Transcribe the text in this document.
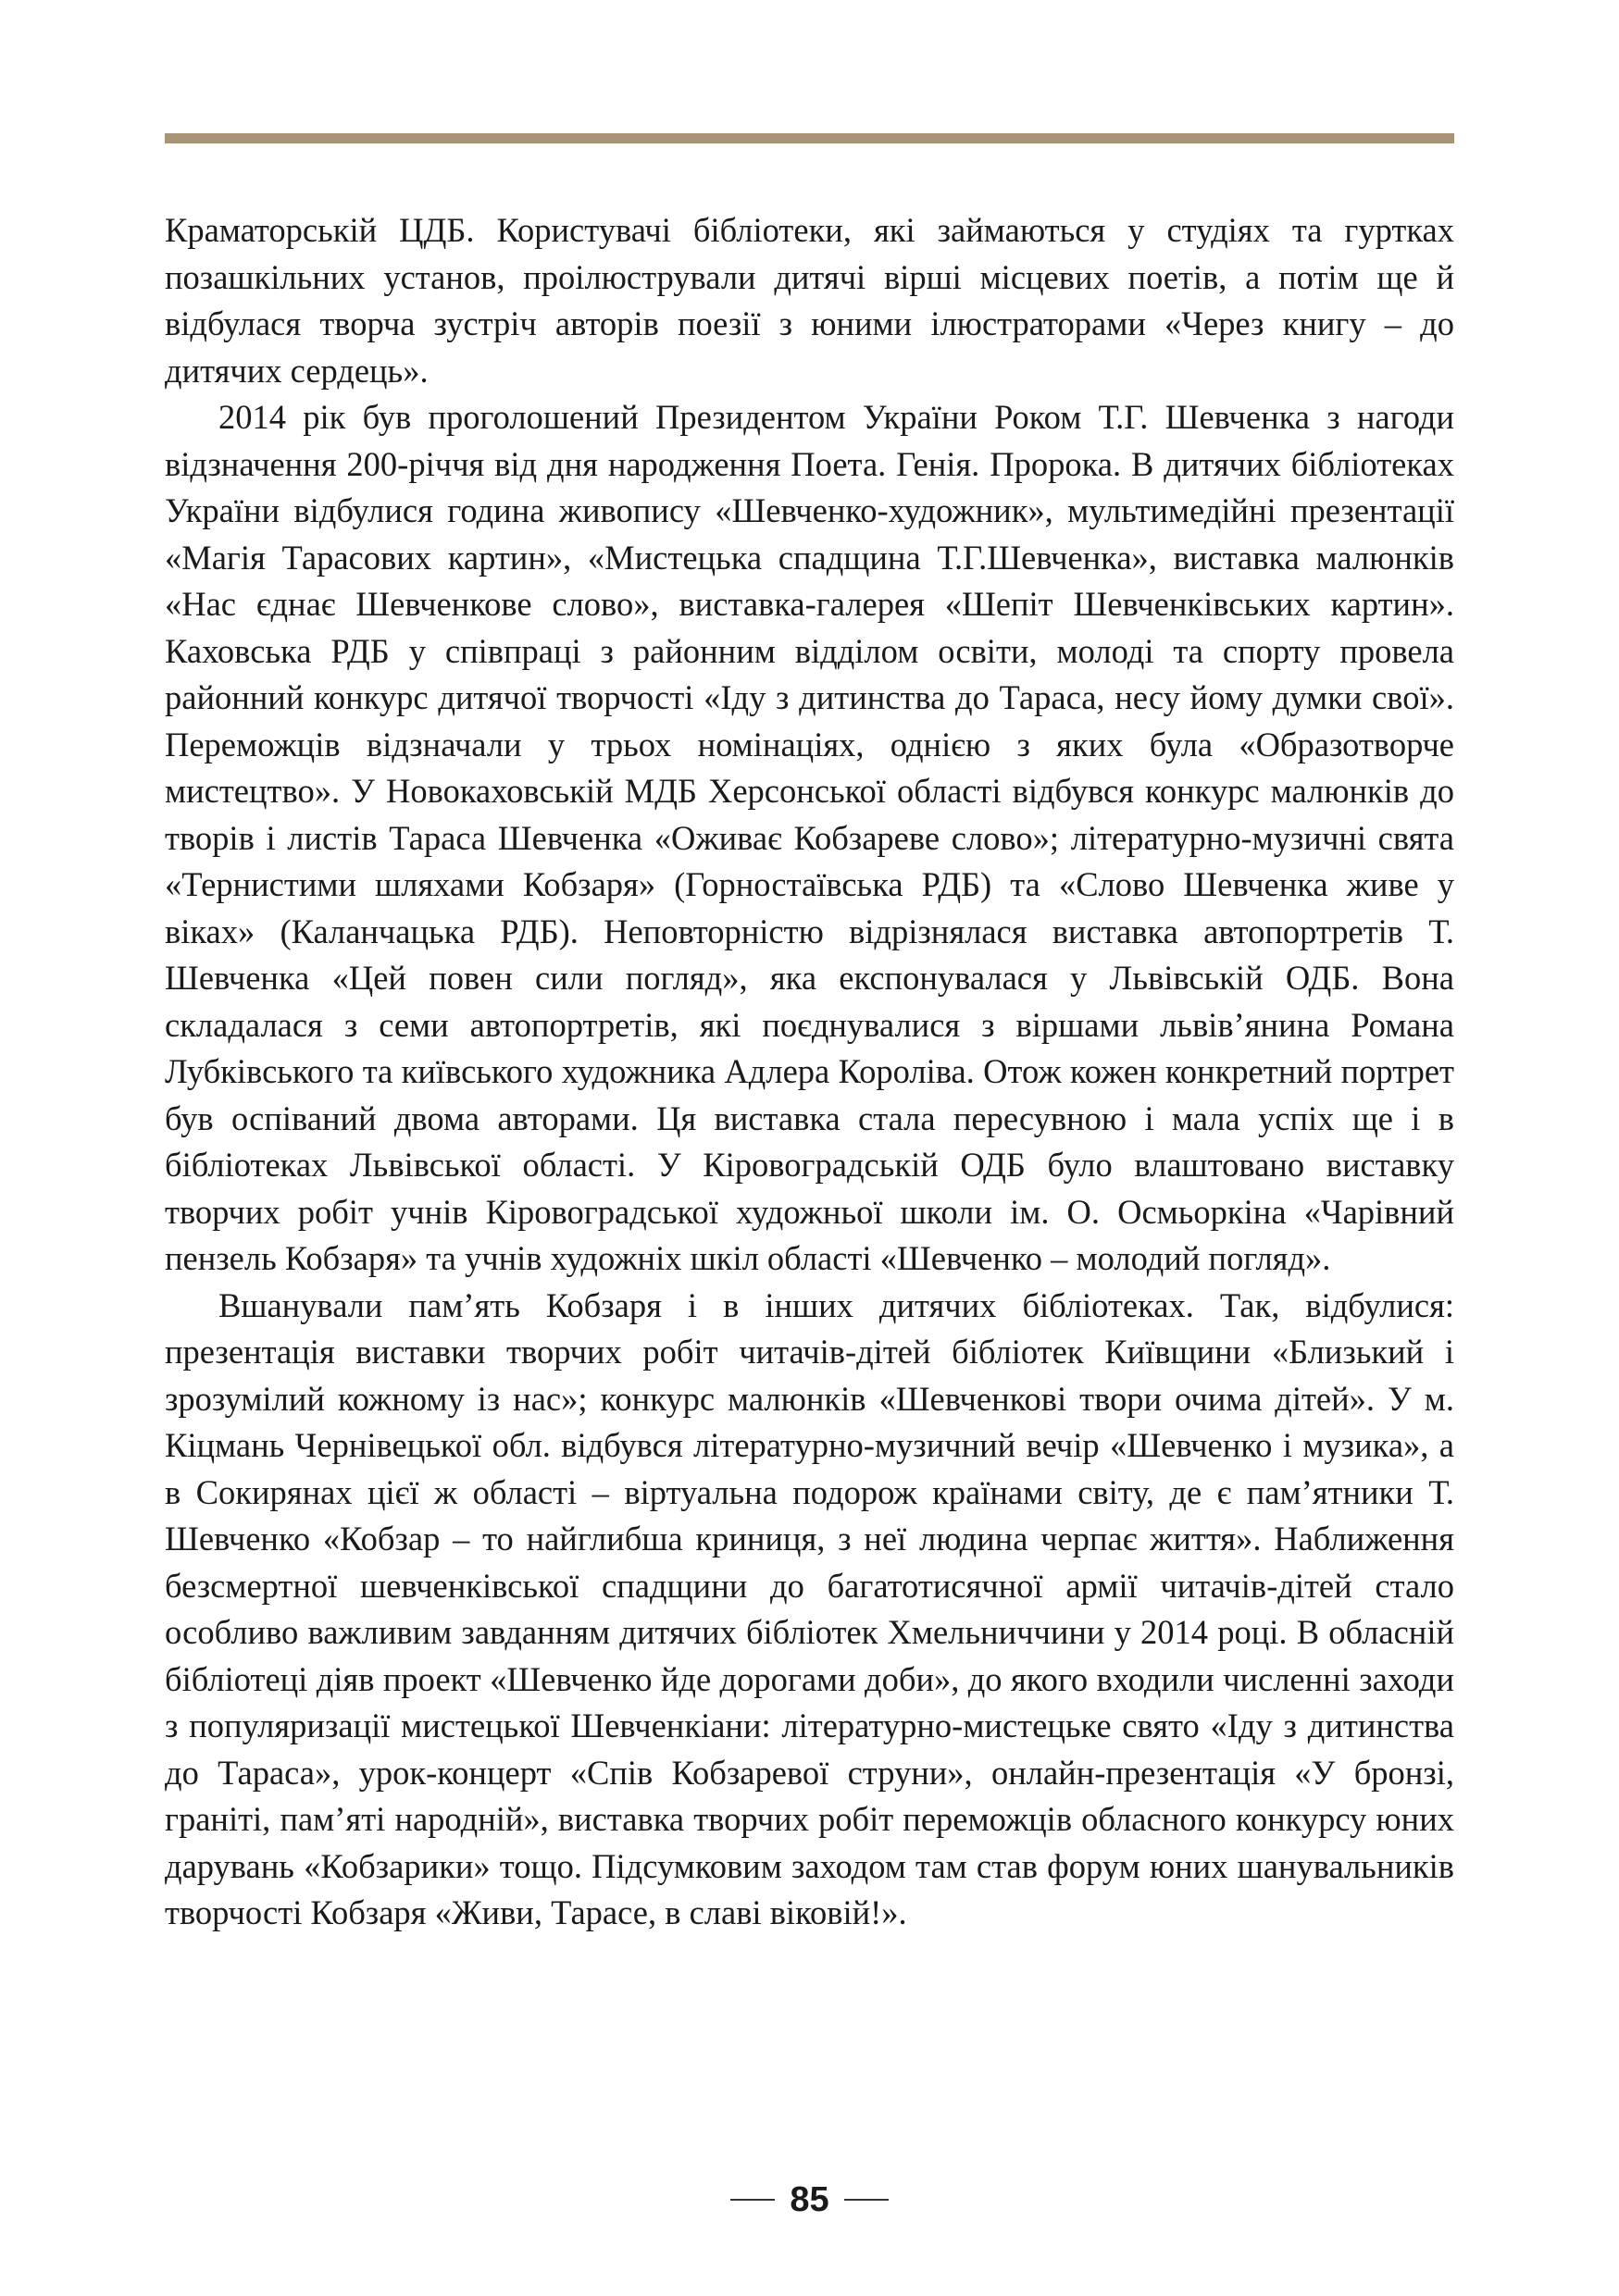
Краматорській ЦДБ. Користувачі бібліотеки, які займаються у студіях та гуртках позашкільних установ, проілюстрували дитячі вірші місцевих поетів, а потім ще й відбулася творча зустріч авторів поезії з юними ілюстраторами «Через книгу – до дитячих сердець».

2014 рік був проголошений Президентом України Роком Т.Г. Шевченка з нагоди відзначення 200-річчя від дня народження Поета. Генія. Пророка. В дитячих бібліотеках України відбулися година живопису «Шевченко-художник», мультимедійні презентації «Магія Тарасових картин», «Мистецька спадщина Т.Г.Шевченка», виставка малюнків «Нас єднає Шевченкове слово», виставка-галерея «Шепіт Шевченківських картин». Каховська РДБ у співпраці з районним відділом освіти, молоді та спорту провела районний конкурс дитячої творчості «Іду з дитинства до Тараса, несу йому думки свої». Переможців відзначали у трьох номінаціях, однією з яких була «Образотворче мистецтво». У Новокаховській МДБ Херсонської області відбувся конкурс малюнків до творів і листів Тараса Шевченка «Оживає Кобзареве слово»; літературно-музичні свята «Тернистими шляхами Кобзаря» (Горностаївська РДБ) та «Слово Шевченка живе у віках» (Каланчацька РДБ). Неповторністю відрізнялася виставка автопортретів Т. Шевченка «Цей повен сили погляд», яка експонувалася у Львівській ОДБ. Вона складалася з семи автопортретів, які поєднувалися з віршами львів’янина Романа Лубківського та київського художника Адлера Короліва. Отож кожен конкретний портрет був оспіваний двома авторами. Ця виставка стала пересувною і мала успіх ще і в бібліотеках Львівської області. У Кіровоградській ОДБ було влаштовано виставку творчих робіт учнів Кіровоградської художньої школи ім. О. Осмьоркіна «Чарівний пензель Кобзаря» та учнів художніх шкіл області «Шевченко – молодий погляд».

Вшанували пам’ять Кобзаря і в інших дитячих бібліотеках. Так, відбулися: презентація виставки творчих робіт читачів-дітей бібліотек Київщини «Близький і зрозумілий кожному із нас»; конкурс малюнків «Шевченкові твори очима дітей». У м. Кіцмань Чернівецької обл. відбувся літературно-музичний вечір «Шевченко і музика», а в Сокирянах цієї ж області – віртуальна подорож країнами світу, де є пам’ятники Т. Шевченко «Кобзар – то найглибша криниця, з неї людина черпає життя». Наближення безсмертної шевченківської спадщини до багатотисячної армії читачів-дітей стало особливо важливим завданням дитячих бібліотек Хмельниччини у 2014 році. В обласній бібліотеці діяв проект «Шевченко йде дорогами доби», до якого входили численні заходи з популяризації мистецької Шевченкіани: літературно-мистецьке свято «Іду з дитинства до Тараса», урок-концерт «Спів Кобзаревої струни», онлайн-презентація «У бронзі, граніті, пам’яті народній», виставка творчих робіт переможців обласного конкурсу юних дарувань «Кобзарики» тощо. Підсумковим заходом там став форум юних шанувальників творчості Кобзаря «Живи, Тарасе, в славі віковій!».

85
